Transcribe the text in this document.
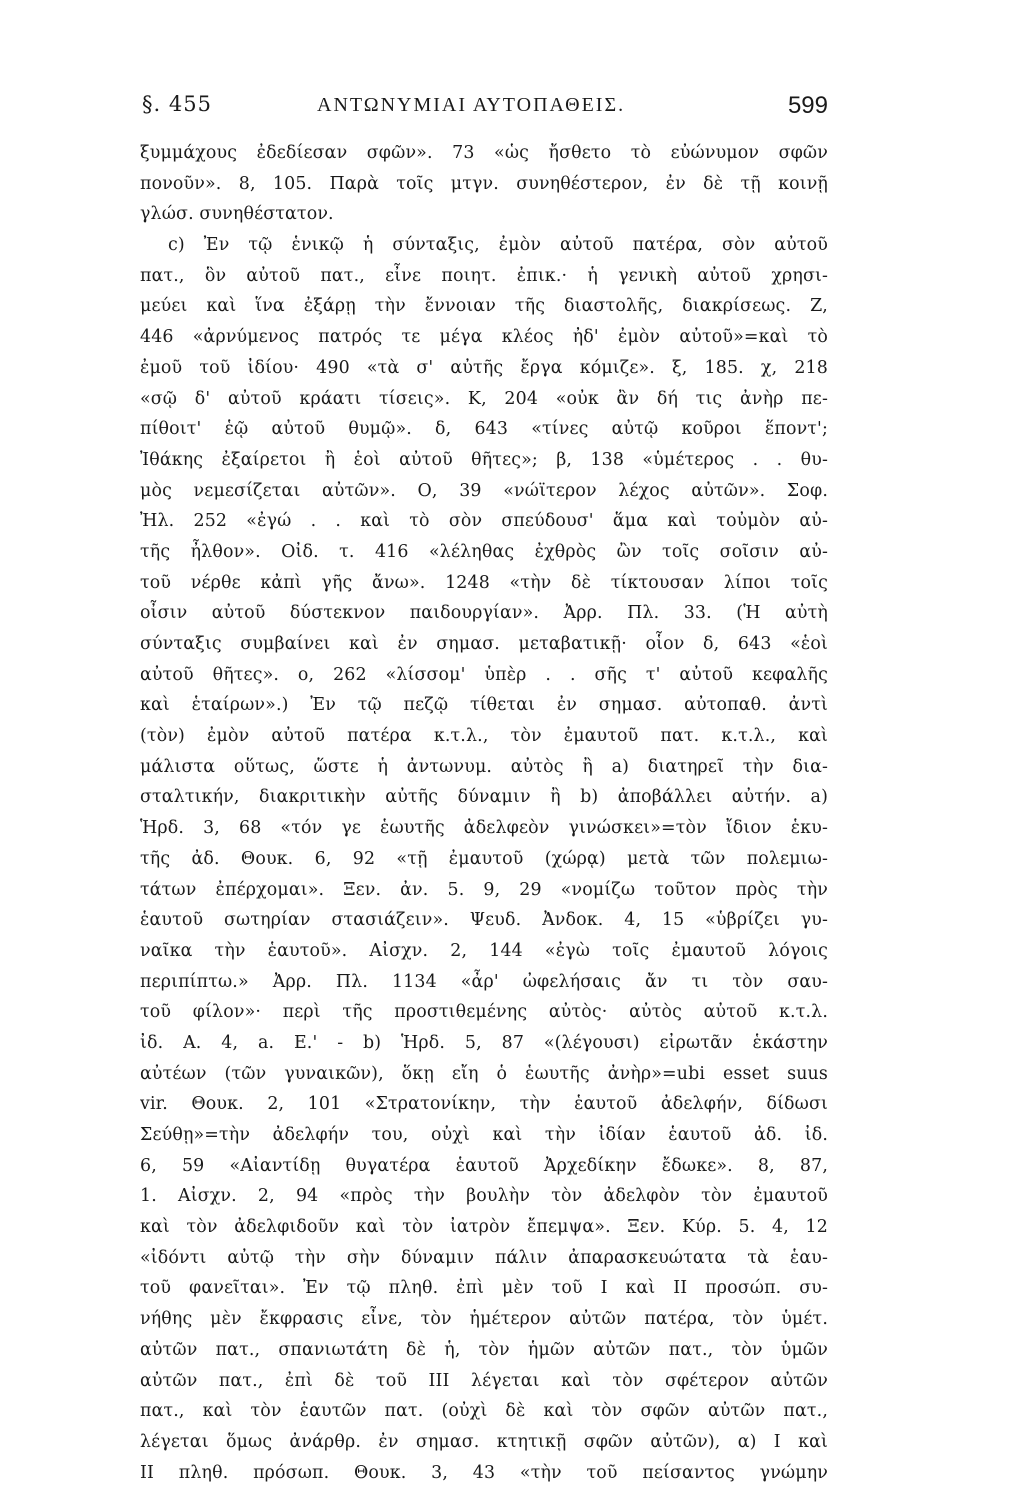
§. 455	ΑΝΤΩΝΥΜΙΑΙ ΑΥΤΟΠΑΘΕΙΣ.	599
ξυμμάχους ἐδεδίεσαν σφῶν». 73 «ὡς ἤσθετο τὸ εὐώνυμον σφῶν
πονοῦν». 8, 105. Παρὰ τοῖς μτγν. συνηθέστερον, ἐν δὲ τῇ κοινῇ
γλώσ. συνηθέστατον.
c) Ἐν τῷ ἑνικῷ ἡ σύνταξις, ἐμὸν αὐτοῦ πατέρα, σὸν αὐτοῦ
πατ., ὃν αὐτοῦ πατ., εἶνε ποιητ. ἐπικ.· ἡ γενικὴ αὐτοῦ χρησι-
μεύει καὶ ἵνα ἐξάρῃ τὴν ἔννοιαν τῆς διαστολῆς, διακρίσεως. Ζ,
446 «ἀρνύμενος πατρός τε μέγα κλέος ἠδ' ἐμὸν αὐτοῦ»=καὶ τὸ
ἐμοῦ τοῦ ἰδίου· 490 «τὰ σ' αὐτῆς ἔργα κόμιζε». ξ, 185. χ, 218
«σῷ δ' αὐτοῦ κράατι τίσεις». Κ, 204 «οὐκ ἂν δή τις ἀνὴρ πε-
πίθοιτ' ἑῷ αὐτοῦ θυμῷ». δ, 643 «τίνες αὐτῷ κοῦροι ἕποντ';
Ἰθάκης ἐξαίρετοι ἢ ἑοὶ αὐτοῦ θῆτες»; β, 138 «ὑμέτερος . . θυ-
μὸς νεμεσίζεται αὐτῶν». Ο, 39 «νώϊτερον λέχος αὐτῶν». Σοφ.
Ἠλ. 252 «ἐγώ . . καὶ τὸ σὸν σπεύδουσ' ἅμα καὶ τοὐμὸν αὐ-
τῆς ἦλθον». Οἰδ. τ. 416 «λέληθας ἐχθρὸς ὢν τοῖς σοῖσιν αὐ-
τοῦ νέρθε κἀπὶ γῆς ἄνω». 1248 «τὴν δὲ τίκτουσαν λίποι τοῖς
οἶσιν αὐτοῦ δύστεκνον παιδουργίαν». Ἀρρ. Πλ. 33. (Ἡ αὐτὴ
σύνταξις συμβαίνει καὶ ἐν σημασ. μεταβατικῇ· οἷον δ, 643 «ἑοὶ
αὐτοῦ θῆτες». ο, 262 «λίσσομ' ὑπὲρ . . σῆς τ' αὐτοῦ κεφαλῆς
καὶ ἑταίρων».) Ἐν τῷ πεζῷ τίθεται ἐν σημασ. αὐτοπαθ. ἀντὶ
(τὸν) ἐμὸν αὐτοῦ πατέρα κ.τ.λ., τὸν ἐμαυτοῦ πατ. κ.τ.λ., καὶ
μάλιστα οὕτως, ὥστε ἡ ἀντωνυμ. αὐτὸς ἢ a) διατηρεῖ τὴν δια-
σταλτικήν, διακριτικὴν αὐτῆς δύναμιν ἢ b) ἀποβάλλει αὐτήν. a)
Ἡρδ. 3, 68 «τόν γε ἑωυτῆς ἀδελφεὸν γινώσκει»=τὸν ἴδιον ἑκυ-
τῆς ἀδ. Θουκ. 6, 92 «τῇ ἐμαυτοῦ (χώρᾳ) μετὰ τῶν πολεμιω-
τάτων ἐπέρχομαι». Ξεν. ἀν. 5. 9, 29 «νομίζω τοῦτον πρὸς τὴν
ἑαυτοῦ σωτηρίαν στασιάζειν». Ψευδ. Ἀνδοκ. 4, 15 «ὑβρίζει γυ-
ναῖκα τὴν ἑαυτοῦ». Αἰσχν. 2, 144 «ἐγὼ τοῖς ἐμαυτοῦ λόγοις
περιπίπτω.» Ἀρρ. Πλ. 1134 «ἆρ' ὠφελήσαις ἄν τι τὸν σαυ-
τοῦ φίλον»· περὶ τῆς προστιθεμένης αὐτὸς· αὐτὸς αὐτοῦ κ.τ.λ.
ἰδ. Α. 4, a. Ε.' - b) Ἡρδ. 5, 87 «(λέγουσι) εἰρωτᾶν ἑκάστην
αὐτέων (τῶν γυναικῶν), ὅκῃ εἴη ὁ ἑωυτῆς ἀνὴρ»=ubi esset suus
vir. Θουκ. 2, 101 «Στρατονίκην, τὴν ἑαυτοῦ ἀδελφήν, δίδωσι
Σεύθῃ»=τὴν ἀδελφήν του, οὐχὶ καὶ τὴν ἰδίαν ἑαυτοῦ ἀδ. ἰδ.
6, 59 «Αἰαντίδῃ θυγατέρα ἑαυτοῦ Ἀρχεδίκην ἔδωκε». 8, 87,
1. Αἰσχν. 2, 94 «πρὸς τὴν βουλὴν τὸν ἀδελφὸν τὸν ἐμαυτοῦ
καὶ τὸν ἀδελφιδοῦν καὶ τὸν ἰατρὸν ἔπεμψα». Ξεν. Κύρ. 5. 4, 12
«ἰδόντι αὐτῷ τὴν σὴν δύναμιν πάλιν ἀπαρασκευώτατα τὰ ἑαυ-
τοῦ φανεῖται». Ἐν τῷ πληθ. ἐπὶ μὲν τοῦ Ι καὶ ΙΙ προσώπ. συ-
νήθης μὲν ἔκφρασις εἶνε, τὸν ἡμέτερον αὐτῶν πατέρα, τὸν ὑμέτ.
αὐτῶν πατ., σπανιωτάτη δὲ ἡ, τὸν ἡμῶν αὐτῶν πατ., τὸν ὑμῶν
αὐτῶν πατ., ἐπὶ δὲ τοῦ ΙΙΙ λέγεται καὶ τὸν σφέτερον αὐτῶν
πατ., καὶ τὸν ἑαυτῶν πατ. (οὐχὶ δὲ καὶ τὸν σφῶν αὐτῶν πατ.,
λέγεται ὅμως ἀνάρθρ. ἐν σημασ. κτητικῇ σφῶν αὐτῶν), α) Ι καὶ
ΙΙ πληθ. πρόσωπ. Θουκ. 3, 43 «τὴν τοῦ πείσαντος γνώμην
